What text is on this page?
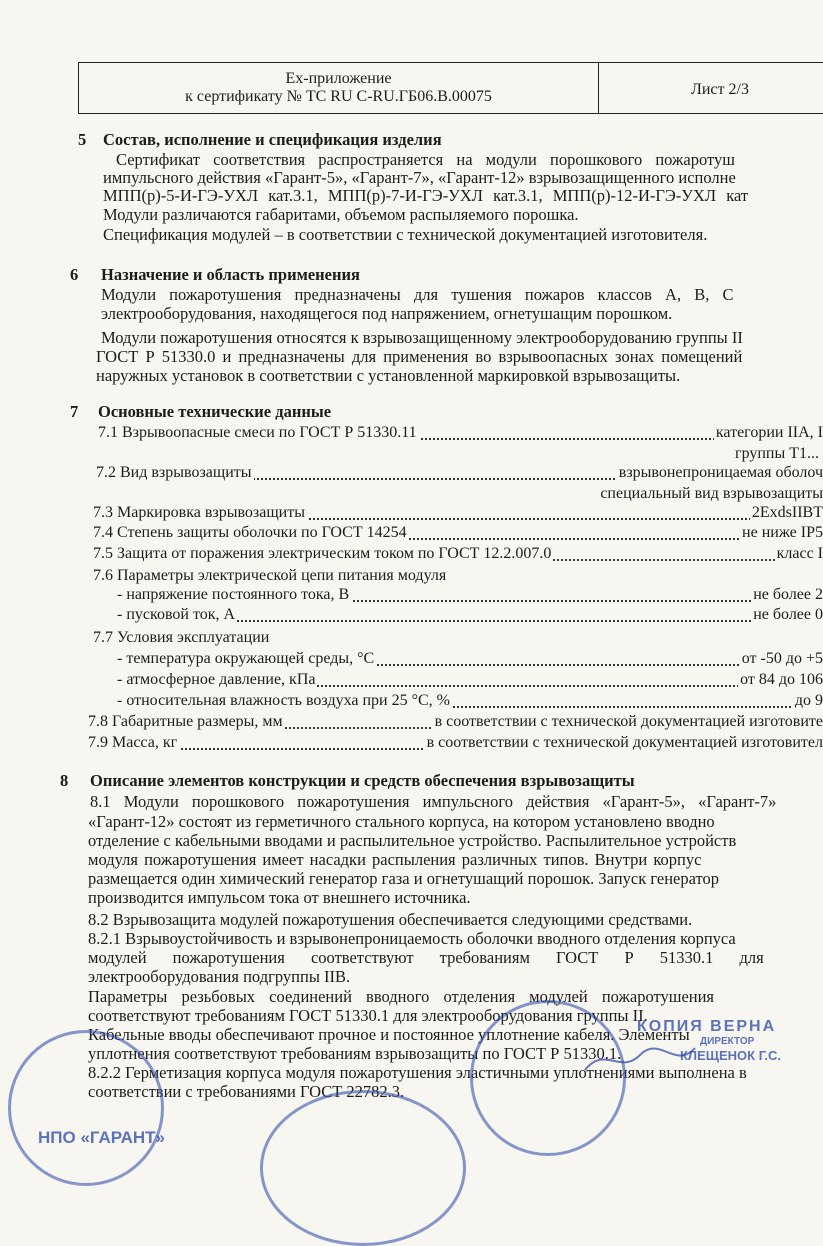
Ex-приложение
к сертификату № ТС RU C-RU.ГБ06.В.00075	Лист 2/3
5 Состав, исполнение и спецификация изделия
Сертификат соответствия распространяется на модули порошкового пожаротуш
импульсного действия «Гарант-5», «Гарант-7», «Гарант-12» взрывозащищенного исполне
МПП(р)-5-И-ГЭ-УХЛ кат.3.1, МПП(р)-7-И-ГЭ-УХЛ кат.3.1, МПП(р)-12-И-ГЭ-УХЛ кат
Модули различаются габаритами, объемом распыляемого порошка.
Спецификация модулей – в соответствии с технической документацией изготовителя.
6 Назначение и область применения
Модули пожаротушения предназначены для тушения пожаров классов А, В, С
электрооборудования, находящегося под напряжением, огнетушащим порошком.
Модули пожаротушения относятся к взрывозащищенному электрооборудованию группы II
ГОСТ Р 51330.0 и предназначены для применения во взрывоопасных зонах помещений
наружных установок в соответствии с установленной маркировкой взрывозащиты.
7 Основные технические данные
7.1 Взрывоопасные смеси по ГОСТ Р 51330.11	категории IIA, I
группы Т1...
7.2 Вид взрывозащиты	взрывонепроницаемая оболоч
специальный вид взрывозащиты
7.3 Маркировка взрывозащиты	2ExdsIIBT
7.4 Степень защиты оболочки по ГОСТ 14254	не ниже IP5
7.5 Защита от поражения электрическим током по ГОСТ 12.2.007.0	класс I
7.6 Параметры электрической цепи питания модуля
- напряжение постоянного тока, В	не более 2
- пусковой ток, А	не более 0
7.7 Условия эксплуатации
- температура окружающей среды, °С	от -50 до +5
- атмосферное давление, кПа	от 84 до 106
- относительная влажность воздуха при 25 °С, %	до 9
7.8 Габаритные размеры, мм	в соответствии с технической документацией изготовите
7.9 Масса, кг	в соответствии с технической документацией изготовител
8 Описание элементов конструкции и средств обеспечения взрывозащиты
8.1 Модули порошкового пожаротушения импульсного действия «Гарант-5», «Гарант-7»
«Гарант-12» состоят из герметичного стального корпуса, на котором установлено вводно
отделение с кабельными вводами и распылительное устройство. Распылительное устройств
модуля пожаротушения имеет насадки распыления различных типов. Внутри корпус
размещается один химический генератор газа и огнетушащий порошок. Запуск генератор
производится импульсом тока от внешнего источника.
8.2 Взрывозащита модулей пожаротушения обеспечивается следующими средствами.
8.2.1 Взрывоустойчивость и взрывонепроницаемость оболочки вводного отделения корпуса
модулей пожаротушения соответствуют требованиям ГОСТ Р 51330.1 для
электрооборудования подгруппы IIВ.
Параметры резьбовых соединений вводного отделения модулей пожаротушения
соответствуют требованиям ГОСТ 51330.1 для электрооборудования группы II.
Кабельные вводы обеспечивают прочное и постоянное уплотнение кабеля. Элементы
уплотнения соответствуют требованиям взрывозащиты по ГОСТ Р 51330.1.
8.2.2 Герметизация корпуса модуля пожаротушения эластичными уплотнениями выполнена в
соответствии с требованиями ГОСТ 22782.3.
НПО «ГАРАНТ»
КОПИЯ ВЕРНА
ДИРЕКТОР
КЛЕЩЕНОК Г.С.
